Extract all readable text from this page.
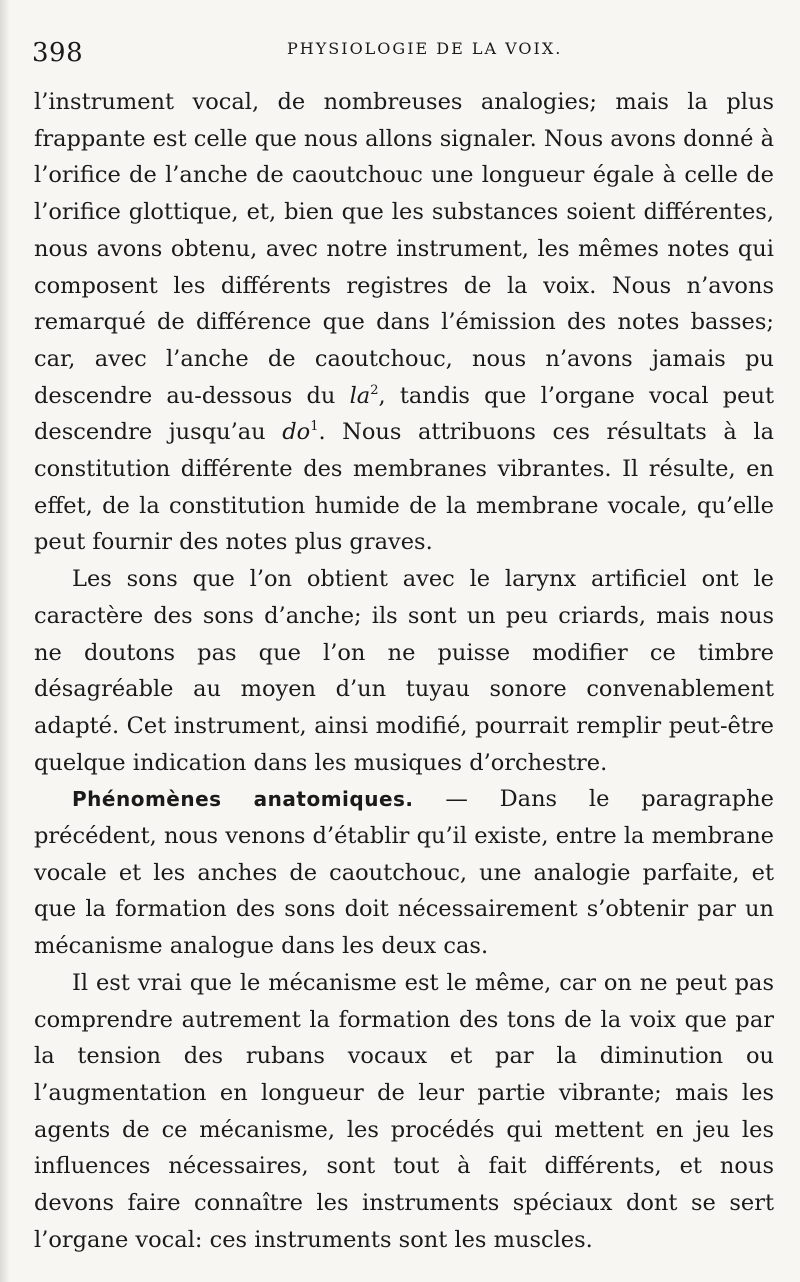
398	PHYSIOLOGIE DE LA VOIX.

l’instrument vocal, de nombreuses analogies; mais la plus frappante est celle que nous allons signaler. Nous avons donné à l’orifice de l’anche de caoutchouc une longueur égale à celle de l’orifice glottique, et, bien que les substances soient différentes, nous avons obtenu, avec notre instrument, les mêmes notes qui composent les différents registres de la voix. Nous n’avons remarqué de différence que dans l’émission des notes basses; car, avec l’anche de caoutchouc, nous n’avons jamais pu descendre au-dessous du $la^2$, tandis que l’organe vocal peut descendre jusqu’au $do^1$. Nous attribuons ces résultats à la constitution différente des membranes vibrantes. Il résulte, en effet, de la constitution humide de la membrane vocale, qu’elle peut fournir des notes plus graves.

Les sons que l’on obtient avec le larynx artificiel ont le caractère des sons d’anche; ils sont un peu criards, mais nous ne doutons pas que l’on ne puisse modifier ce timbre désagréable au moyen d’un tuyau sonore convenablement adapté. Cet instrument, ainsi modifié, pourrait remplir peut-être quelque indication dans les musiques d’orchestre.

Phénomènes anatomiques. — Dans le paragraphe précédent, nous venons d’établir qu’il existe, entre la membrane vocale et les anches de caoutchouc, une analogie parfaite, et que la formation des sons doit nécessairement s’obtenir par un mécanisme analogue dans les deux cas.

Il est vrai que le mécanisme est le même, car on ne peut pas comprendre autrement la formation des tons de la voix que par la tension des rubans vocaux et par la diminution ou l’augmentation en longueur de leur partie vibrante; mais les agents de ce mécanisme, les procédés qui mettent en jeu les influences nécessaires, sont tout à fait différents, et nous devons faire connaître les instruments spéciaux dont se sert l’organe vocal: ces instruments sont les muscles.
